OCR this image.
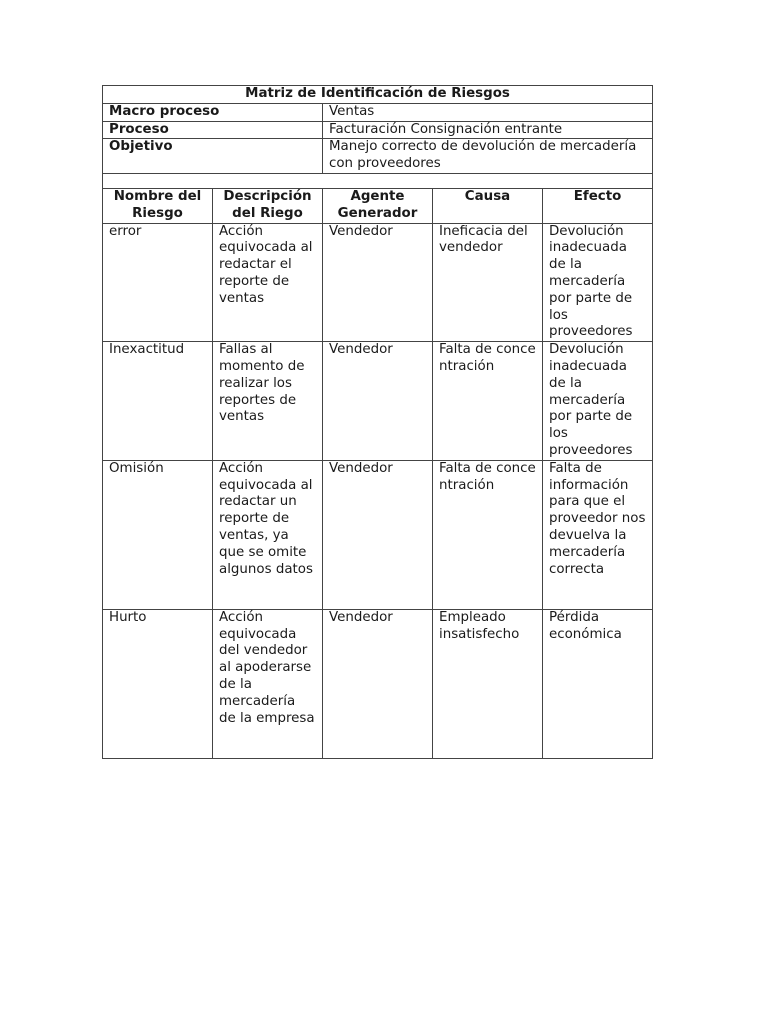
Matriz de Identificación de Riesgos				
Macro proceso		Ventas		
Proceso		Facturación Consignación entrante		
Objetivo		Manejo correcto de devolución de mercadería con proveedores		

Nombre del Riesgo	Descripción del Riego	Agente Generador	Causa	Efecto
error	Acción equivocada al redactar el reporte de ventas	Vendedor	Ineficacia del vendedor	Devolución inadecuada de la mercadería por parte de los proveedores
Inexactitud	Fallas al momento de realizar los reportes de ventas	Vendedor	Falta de concentración	Devolución inadecuada de la mercadería por parte de los proveedores
Omisión	Acción equivocada al redactar un reporte de ventas, ya que se omite algunos datos	Vendedor	Falta de concentración	Falta de información para que el proveedor nos devuelva la mercadería correcta
Hurto	Acción equivocada del vendedor al apoderarse de la mercadería de la empresa	Vendedor	Empleado insatisfecho	Pérdida económica
